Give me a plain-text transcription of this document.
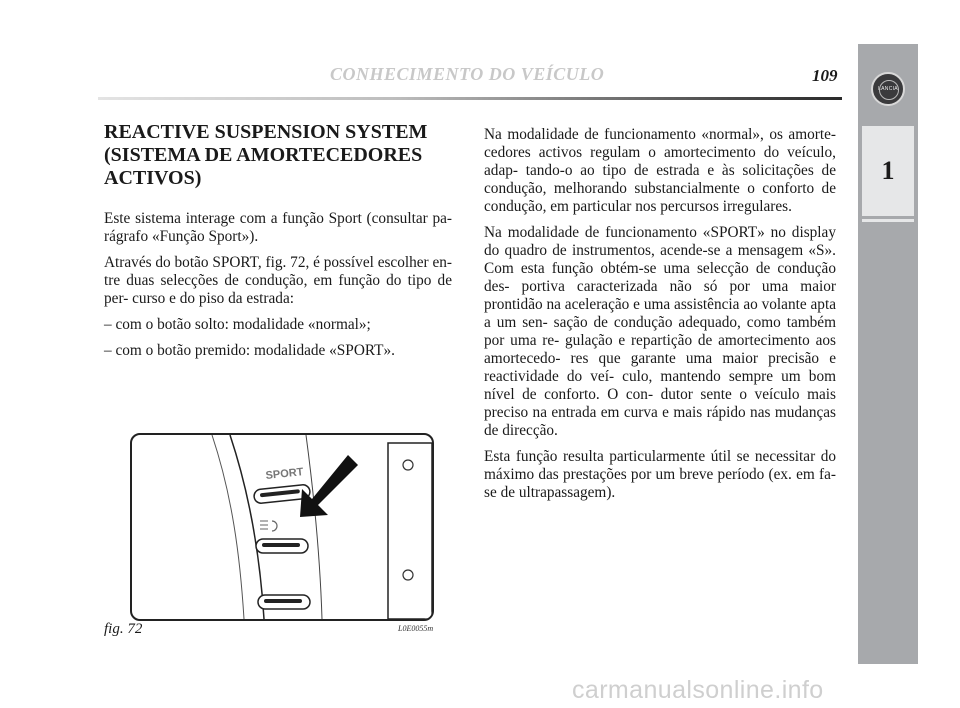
LANCIA
1
CONHECIMENTO DO VEÍCULO	109
REACTIVE SUSPENSION SYSTEM (SISTEMA DE AMORTECEDORES ACTIVOS)

Este sistema interage com a função Sport (consultar pa- rágrafo «Função Sport»).

Através do botão SPORT, fig. 72, é possível escolher en- tre duas selecções de condução, em função do tipo de per- curso e do piso da estrada:

– com o botão solto: modalidade «normal»;

– com o botão premido: modalidade «SPORT».

Na modalidade de funcionamento «normal», os amorte- cedores activos regulam o amortecimento do veículo, adap- tando-o ao tipo de estrada e às solicitações de condução, melhorando substancialmente o conforto de condução, em particular nos percursos irregulares.

Na modalidade de funcionamento «SPORT» no display do quadro de instrumentos, acende-se a mensagem «S». Com esta função obtém-se uma selecção de condução des- portiva caracterizada não só por uma maior prontidão na aceleração e uma assistência ao volante apta a um sen- sação de condução adequado, como também por uma re- gulação e repartição de amortecimento aos amortecedo- res que garante uma maior precisão e reactividade do veí- culo, mantendo sempre um bom nível de conforto. O con- dutor sente o veículo mais preciso na entrada em curva e mais rápido nas mudanças de direcção.

Esta função resulta particularmente útil se necessitar do máximo das prestações por um breve período (ex. em fa- se de ultrapassagem).

SPORT
fig. 72	L0E0055m
carmanualsonline.info
